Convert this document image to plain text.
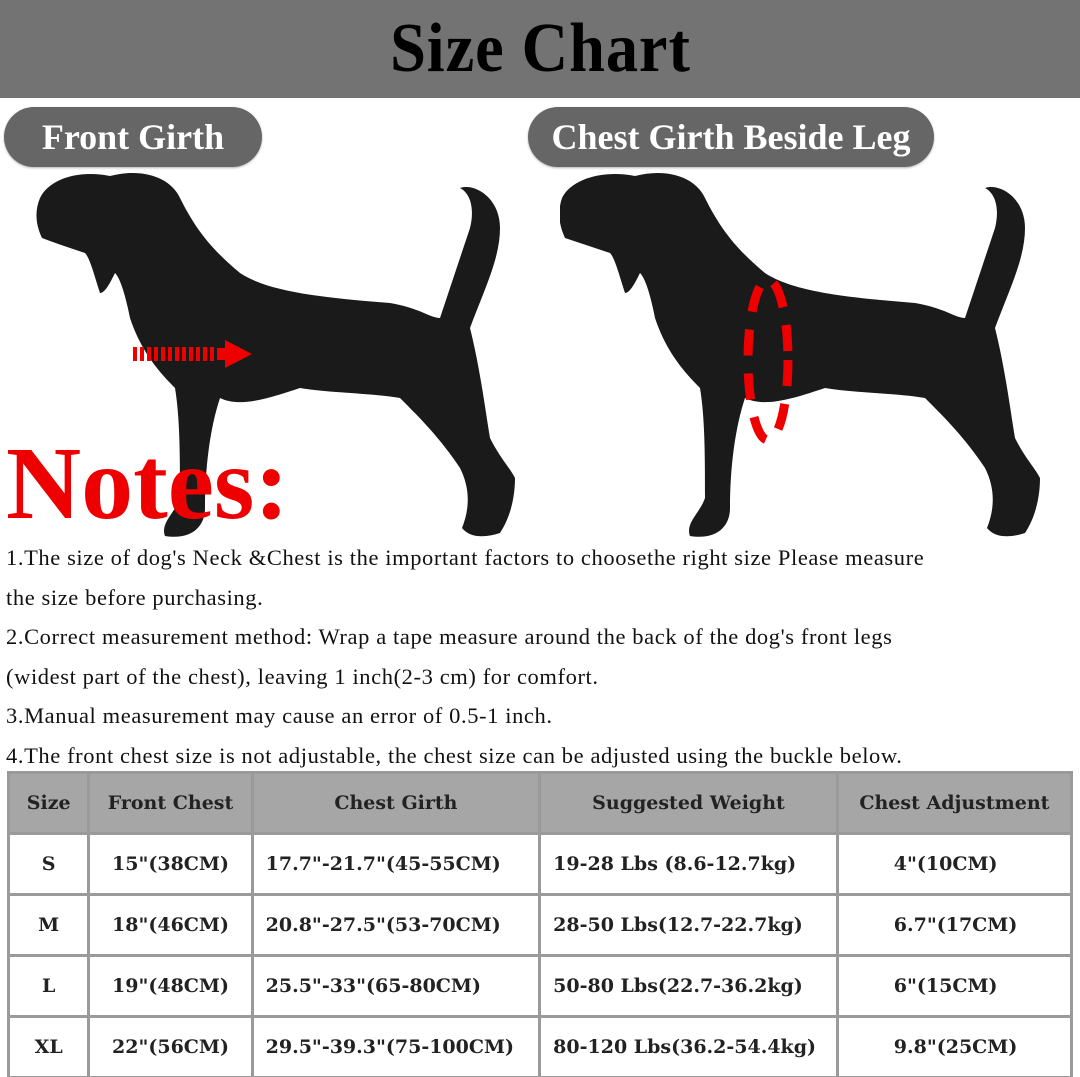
Size Chart
Front Girth	Chest Girth Beside Leg
Notes:

1.The size of dog's Neck &Chest is the important factors to choosethe right size Please measure

the size before purchasing.

2.Correct measurement method: Wrap a tape measure around the back of the dog's front legs

(widest part of the chest), leaving 1 inch(2-3 cm) for comfort.

3.Manual measurement may cause an error of 0.5-1 inch.

4.The front chest size is not adjustable, the chest size can be adjusted using the buckle below.

Size	Front Chest	Chest Girth	Suggested Weight	Chest Adjustment
S	15"(38CM)	17.7"-21.7"(45-55CM)	19-28 Lbs (8.6-12.7kg)	4"(10CM)
M	18"(46CM)	20.8"-27.5"(53-70CM)	28-50 Lbs(12.7-22.7kg)	6.7"(17CM)
L	19"(48CM)	25.5"-33"(65-80CM)	50-80 Lbs(22.7-36.2kg)	6"(15CM)
XL	22"(56CM)	29.5"-39.3"(75-100CM)	80-120 Lbs(36.2-54.4kg)	9.8"(25CM)
